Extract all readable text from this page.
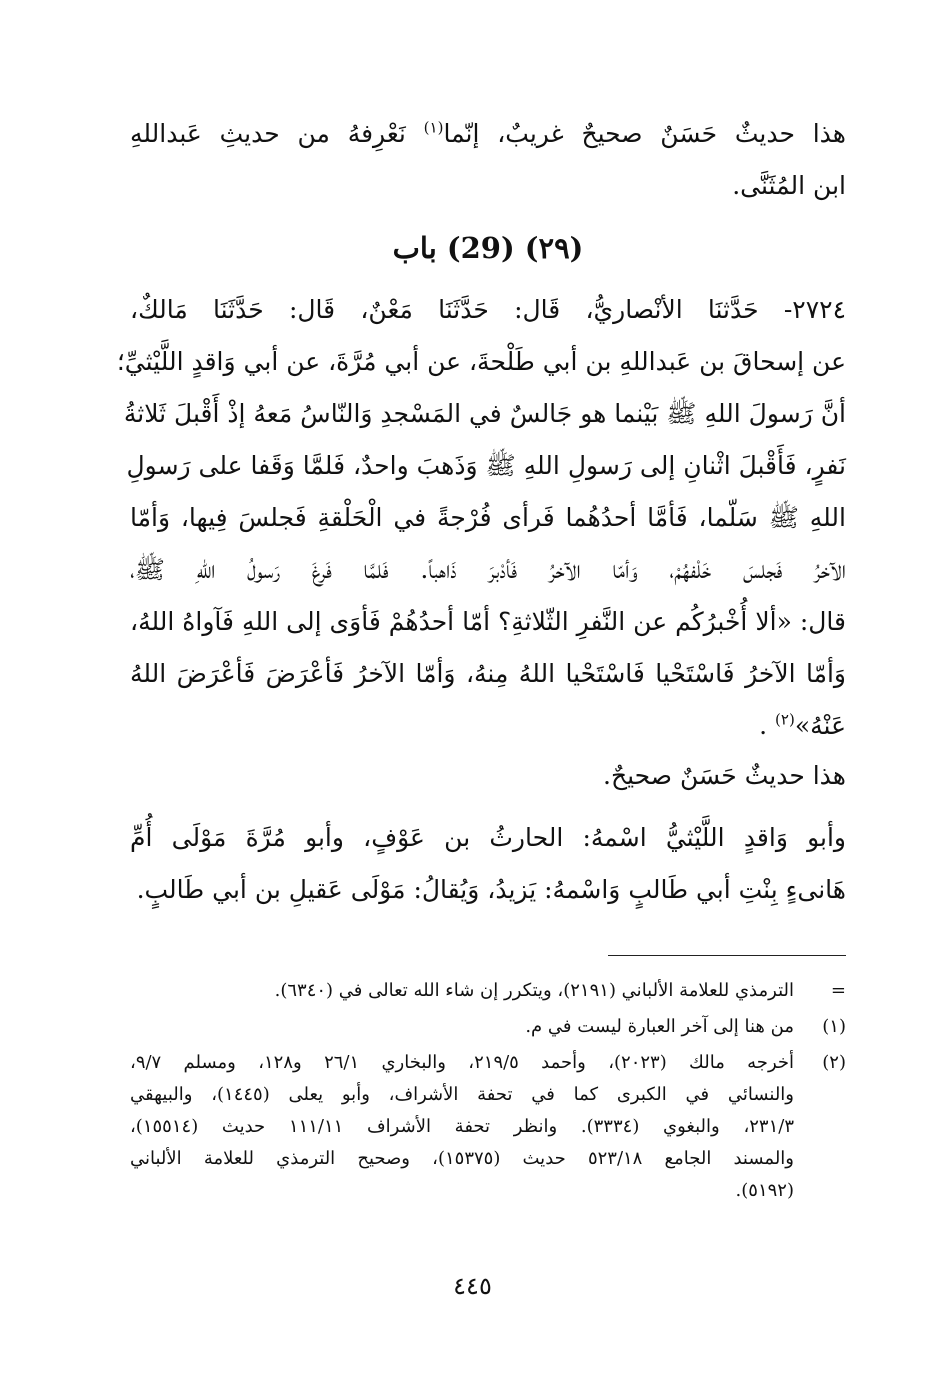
هذا حديثٌ حَسَنٌ صحيحٌ غريبٌ، إنّما$^{(١)}$ نَعْرِفهُ من حديثِ عَبداللهِ
ابن المُثَنَّى.
(٢٩) (29) باب
٢٧٢٤- حَدَّثنَا الأنْصاريُّ، قَال: حَدَّثَنَا مَعْنٌ، قَال: حَدَّثَنَا مَالكٌ،
عن إسحاقَ بن عَبداللهِ بن أبي طَلْحةَ، عن أبي مُرَّةَ، عن أبي وَاقدٍ اللَّيْثيِّ؛
أنَّ رَسولَ اللهِ ﷺ بَيْنما هو جَالسٌ في المَسْجدِ وَالنّاسُ مَعهُ إذْ أَقْبلَ ثَلاثةُ
نَفرٍ، فَأَقْبلَ اثْنانِ إلى رَسولِ اللهِ ﷺ وَذَهبَ واحدٌ، فَلمَّا وَقَفا على رَسولِ
اللهِ ﷺ سَلّما، فَأمَّا أحدُهُما فَرأى فُرْجةً في الْحَلْقةِ فَجلسَ فِيها، وَأمّا
الآخرُ فَجلسَ خَلْفهُمْ، وَأمّا الآخرُ فَأدْبرَ ذَاهباً. فَلمَّا فَرغَ رَسولُ اللهِ ﷺ،
قال: «ألا أُخْبرُكُم عن النَّفرِ الثّلاثةِ؟ أمّا أحدُهُمْ فَأوَى إلى اللهِ فَآواهُ اللهُ،
وَأمّا الآخرُ فَاسْتَحْيا فَاسْتَحْيا اللهُ مِنهُ، وَأمّا الآخرُ فَأعْرَضَ فَأعْرَضَ اللهُ
عَنْهُ»$^{(٢)}$ .
هذا حديثٌ حَسَنٌ صحيحٌ.
وأبو وَاقدٍ اللَّيْثيُّ اسْمهُ: الحارثُ بن عَوْفٍ، وأبو مُرَّةَ مَوْلَى أُمِّ
هَانىءٍ بِنْتِ أبي طَالبٍ وَاسْمهُ: يَزيدُ، وَيُقالُ: مَوْلَى عَقيلِ بن أبي طَالبٍ.
=
الترمذي للعلامة الألباني (٢١٩١)، ويتكرر إن شاء الله تعالى في (٦٣٤٠).
(١)
من هنا إلى آخر العبارة ليست في م.
(٢)
أخرجه مالك (٢٠٢٣)، وأحمد ٢١٩/٥، والبخاري ٢٦/١ و١٢٨، ومسلم ٩/٧،
والنسائي في الكبرى كما في تحفة الأشراف، وأبو يعلى (١٤٤٥)، والبيهقي
٢٣١/٣، والبغوي (٣٣٣٤). وانظر تحفة الأشراف ١١١/١١ حديث (١٥٥١٤)،
والمسند الجامع ٥٢٣/١٨ حديث (١٥٣٧٥)، وصحيح الترمذي للعلامة الألباني
(٥١٩٢).
٤٤٥
